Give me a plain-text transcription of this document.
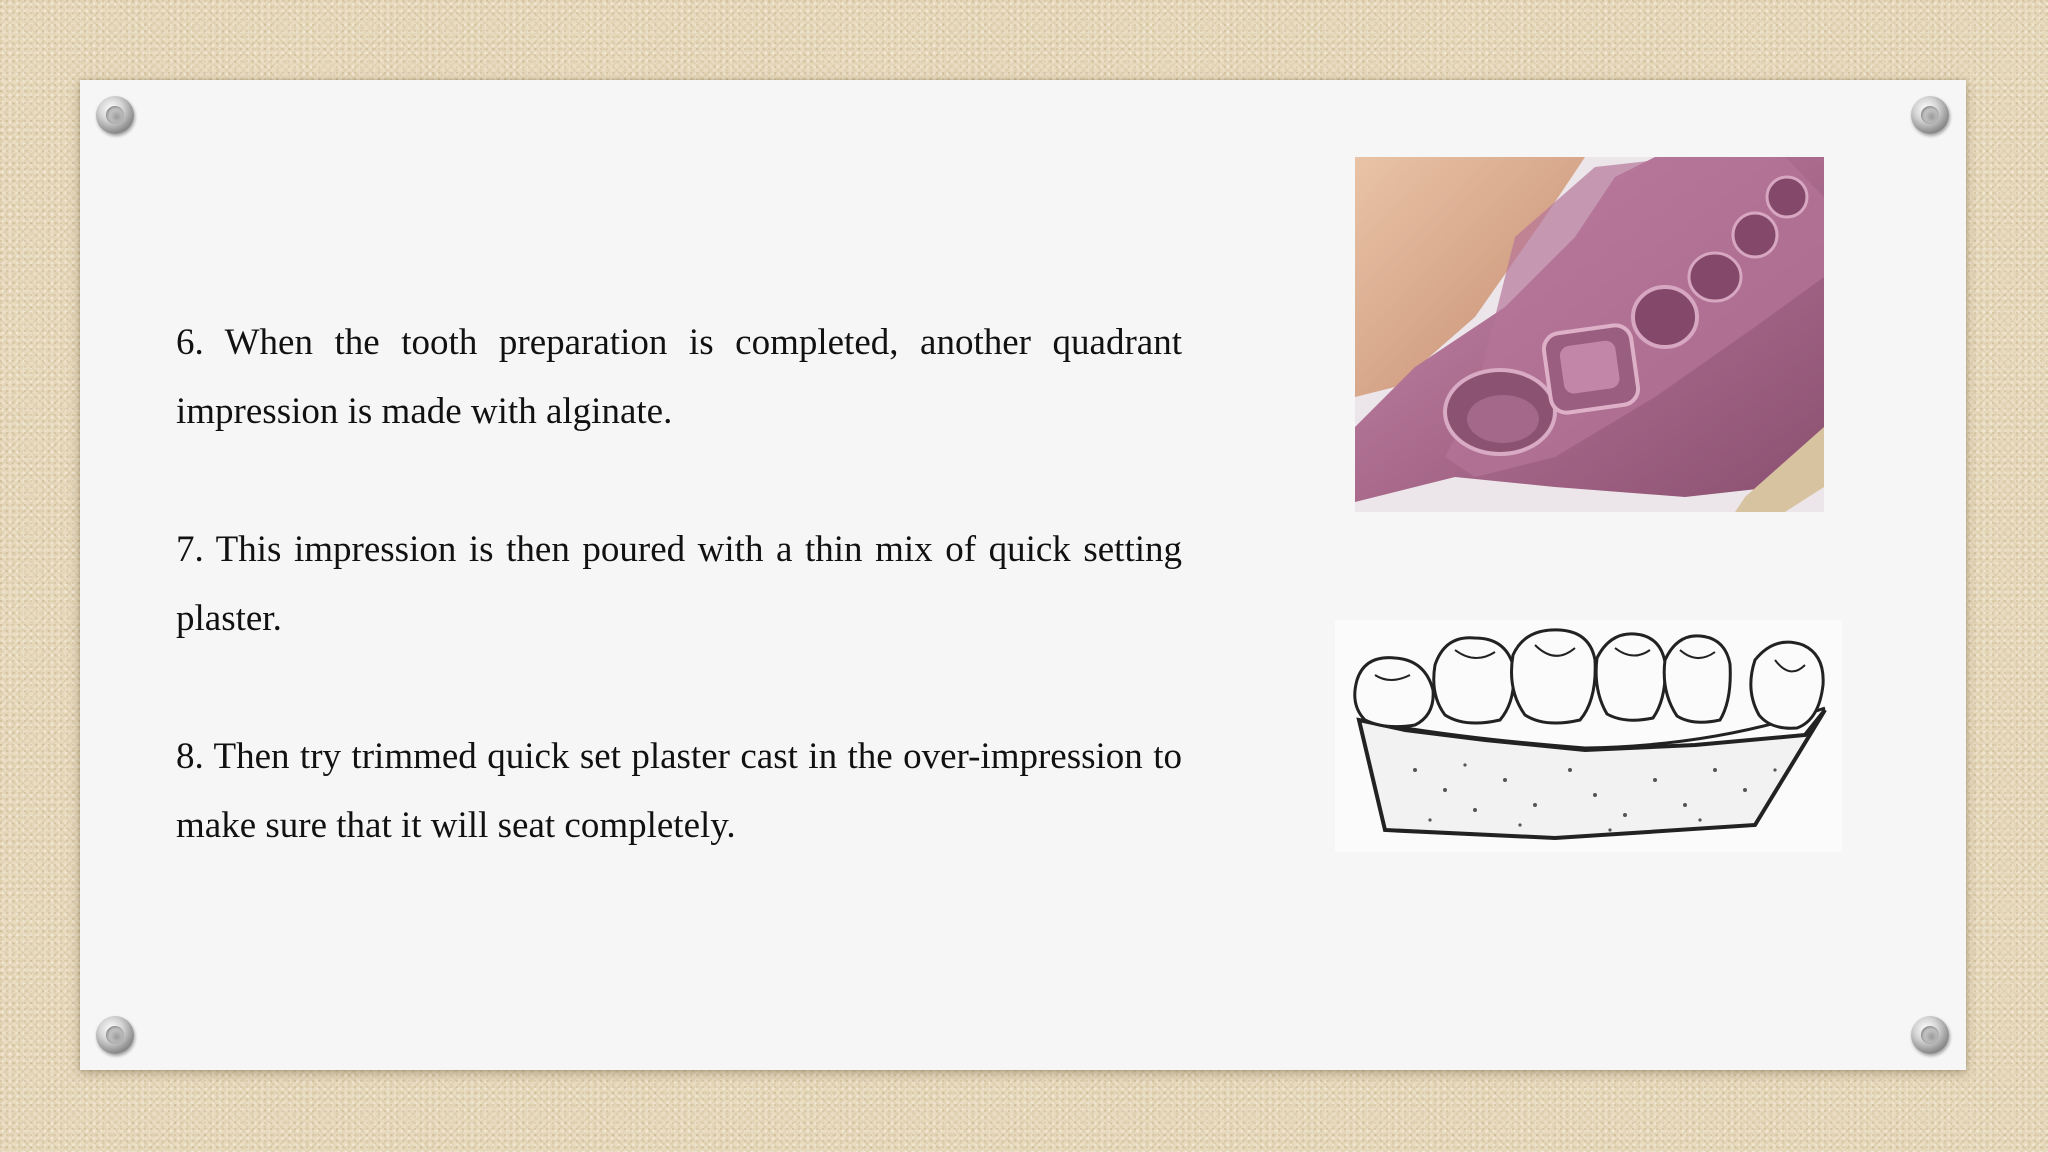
6. When the tooth preparation is completed, another quadrant impression is made with alginate.

7. This impression is then poured with a thin mix of quick setting plaster.

8. Then try trimmed quick set plaster cast in the over-impression to make sure that it will seat completely.
